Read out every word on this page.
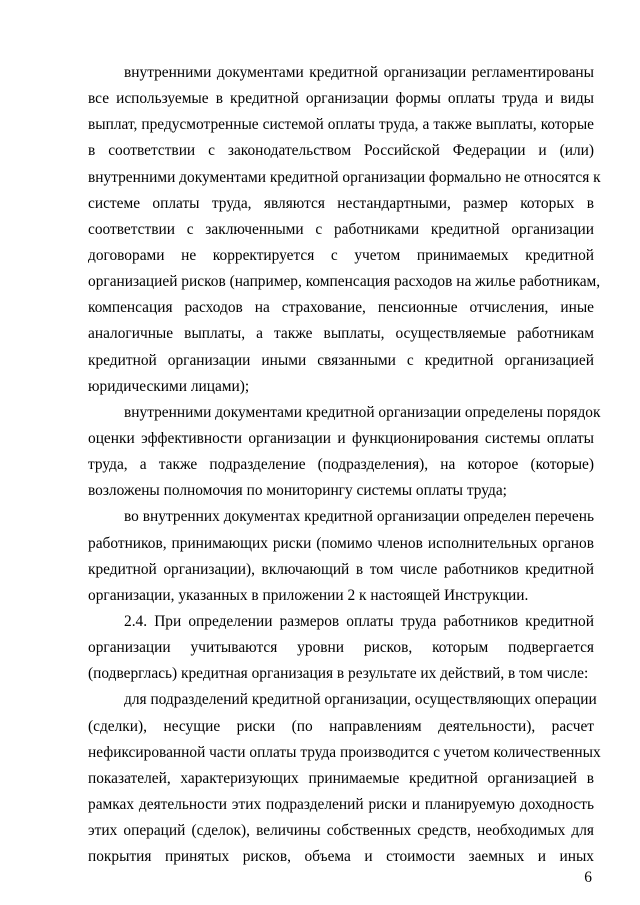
внутренними документами кредитной организации регламентированы
все используемые в кредитной организации формы оплаты труда и виды
выплат, предусмотренные системой оплаты труда, а также выплаты, которые
в соответствии с законодательством Российской Федерации и (или)
внутренними документами кредитной организации формально не относятся к
системе оплаты труда, являются нестандартными, размер которых в
соответствии с заключенными с работниками кредитной организации
договорами не корректируется с учетом принимаемых кредитной
организацией рисков (например, компенсация расходов на жилье работникам,
компенсация расходов на страхование, пенсионные отчисления, иные
аналогичные выплаты, а также выплаты, осуществляемые работникам
кредитной организации иными связанными с кредитной организацией
юридическими лицами);
внутренними документами кредитной организации определены порядок
оценки эффективности организации и функционирования системы оплаты
труда, а также подразделение (подразделения), на которое (которые)
возложены полномочия по мониторингу системы оплаты труда;
во внутренних документах кредитной организации определен перечень
работников, принимающих риски (помимо членов исполнительных органов
кредитной организации), включающий в том числе работников кредитной
организации, указанных в приложении 2 к настоящей Инструкции.
2.4. При определении размеров оплаты труда работников кредитной
организации учитываются уровни рисков, которым подвергается
(подверглась) кредитная организация в результате их действий, в том числе:
для подразделений кредитной организации, осуществляющих операции
(сделки), несущие риски (по направлениям деятельности), расчет
нефиксированной части оплаты труда производится с учетом количественных
показателей, характеризующих принимаемые кредитной организацией в
рамках деятельности этих подразделений риски и планируемую доходность
этих операций (сделок), величины собственных средств, необходимых для
покрытия принятых рисков, объема и стоимости заемных и иных
6
